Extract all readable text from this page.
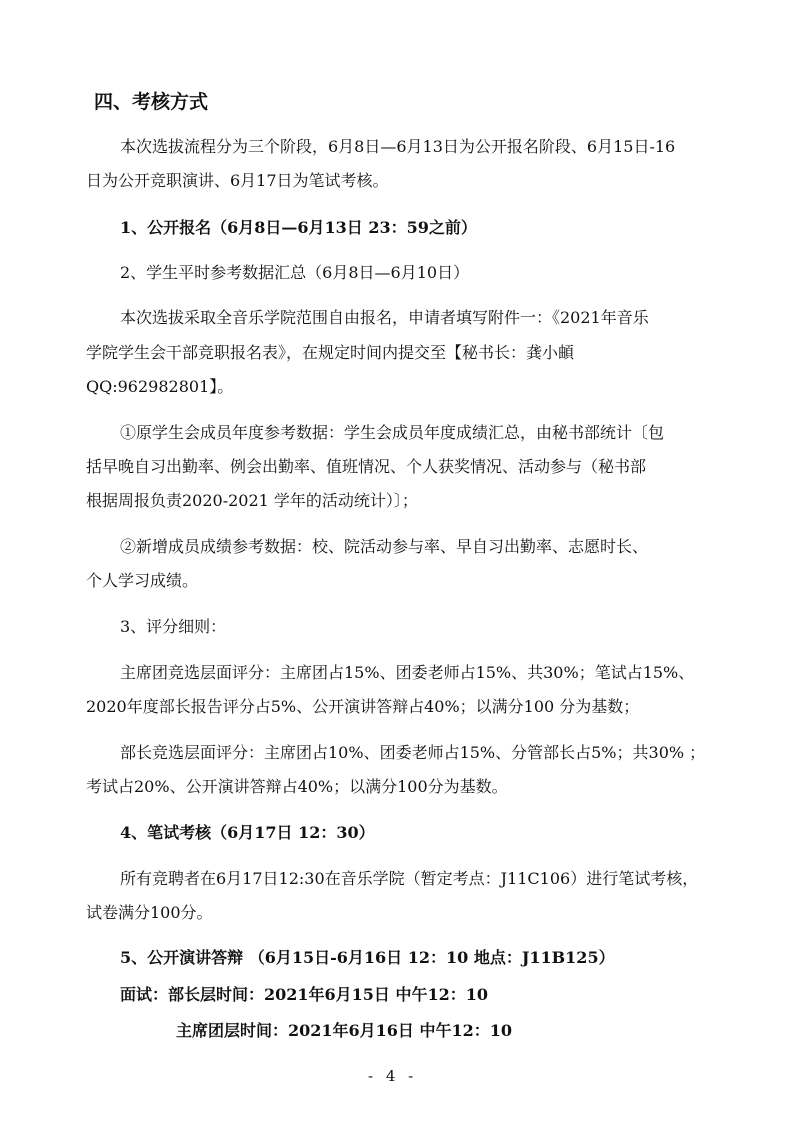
四、考核方式
本次选拔流程分为三个阶段，6月8日—6月13日为公开报名阶段、6月15日-16
日为公开竞职演讲、6月17日为笔试考核。
1、公开报名（6月8日—6月13日 23：59之前）
2、学生平时参考数据汇总（6月8日—6月10日）
本次选拔采取全音乐学院范围自由报名，申请者填写附件一：《2021年音乐
学院学生会干部竞职报名表》，在规定时间内提交至【秘书长：龚小頔
QQ:962982801】。
①原学生会成员年度参考数据：学生会成员年度成绩汇总，由秘书部统计〔包
括早晚自习出勤率、例会出勤率、值班情况、个人获奖情况、活动参与（秘书部
根据周报负责2020-2021 学年的活动统计）〕；
②新增成员成绩参考数据：校、院活动参与率、早自习出勤率、志愿时长、
个人学习成绩。
3、评分细则：
主席团竞选层面评分：主席团占15%、团委老师占15%、共30%；笔试占15%、
2020年度部长报告评分占5%、公开演讲答辩占40%；以满分100 分为基数；
部长竞选层面评分：主席团占10%、团委老师占15%、分管部长占5%；共30% ；
考试占20%、公开演讲答辩占40%；以满分100分为基数。
4、笔试考核（6月17日 12：30）
所有竞聘者在6月17日12:30在音乐学院（暂定考点：J11C106）进行笔试考核，
试卷满分100分。
5、公开演讲答辩 （6月15日-6月16日 12：10 地点：J11B125）
面试：部长层时间：2021年6月15日 中午12：10
主席团层时间：2021年6月16日 中午12：10
- 4 -
